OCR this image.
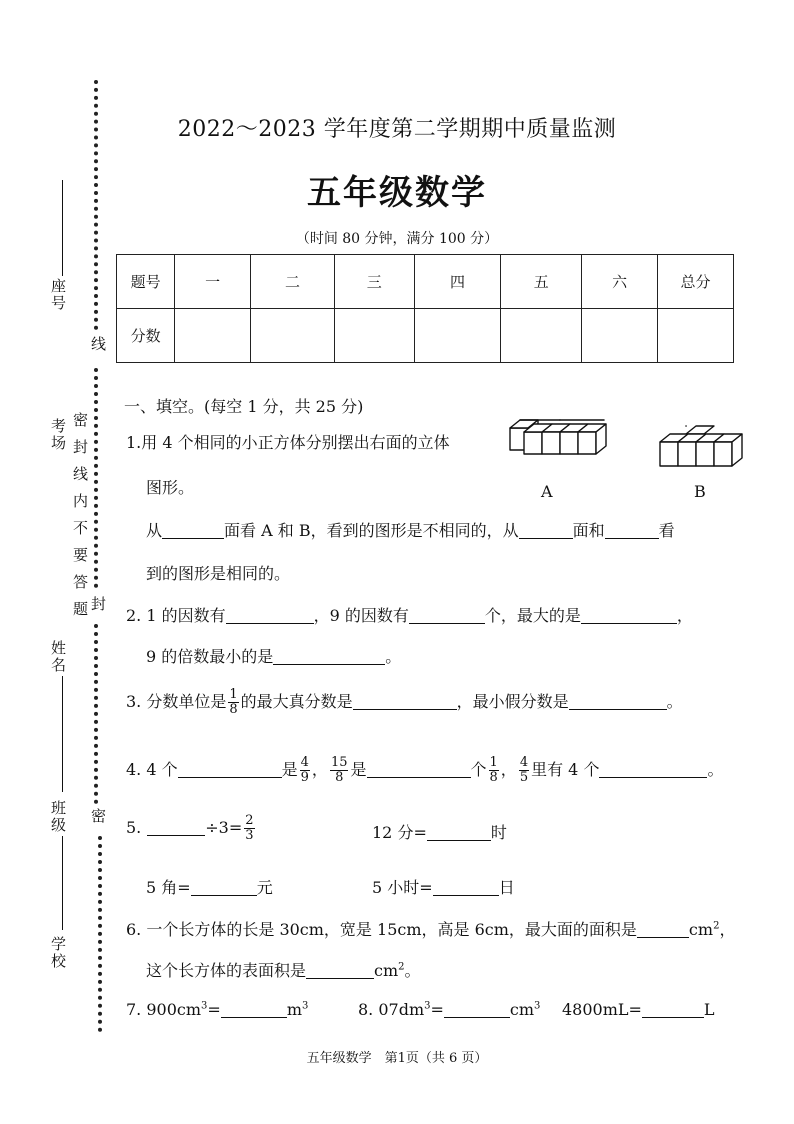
线
封
密
密封线内不要答题
座号
考场
姓名
班级
学校
2022～2023 学年度第二学期期中质量监测
五年级数学
（时间 80 分钟，满分 100 分）
题号	一	二	三	四	五	六	总分
分数							
一、填空。(每空 1 分，共 25 分)
1.用 4 个相同的小正方体分别摆出右面的立体
图形。	A	B
从	面看 A 和 B，看到的图形是不相同的，从	面和	看
到的图形是相同的。
2. 1 的因数有	，9 的因数有	个，最大的是	，
9 的倍数最小的是	。
3. 分数单位是 $\frac{1}{8}$ 的最大真分数是	，最小假分数是	。
4. 4 个	是 $\frac{4}{9}$ ， $\frac{15}{8}$ 是	个 $\frac{1}{8}$ ， $\frac{4}{5}$ 里有 4 个	。
5.	$\div 3= \frac{2}{3}$	12 分=	时
5 角=	元	5 小时=	日
6. 一个长方体的长是 30cm，宽是 15cm，高是 6cm，最大面的面积是	$cm^2$，
这个长方体的表面积是	$cm^2$。
7. $900cm^3=$	$m^3$	8. $07dm^3=$	$cm^3$ 4800mL=	L
五年级数学　第1页（共 6 页）
